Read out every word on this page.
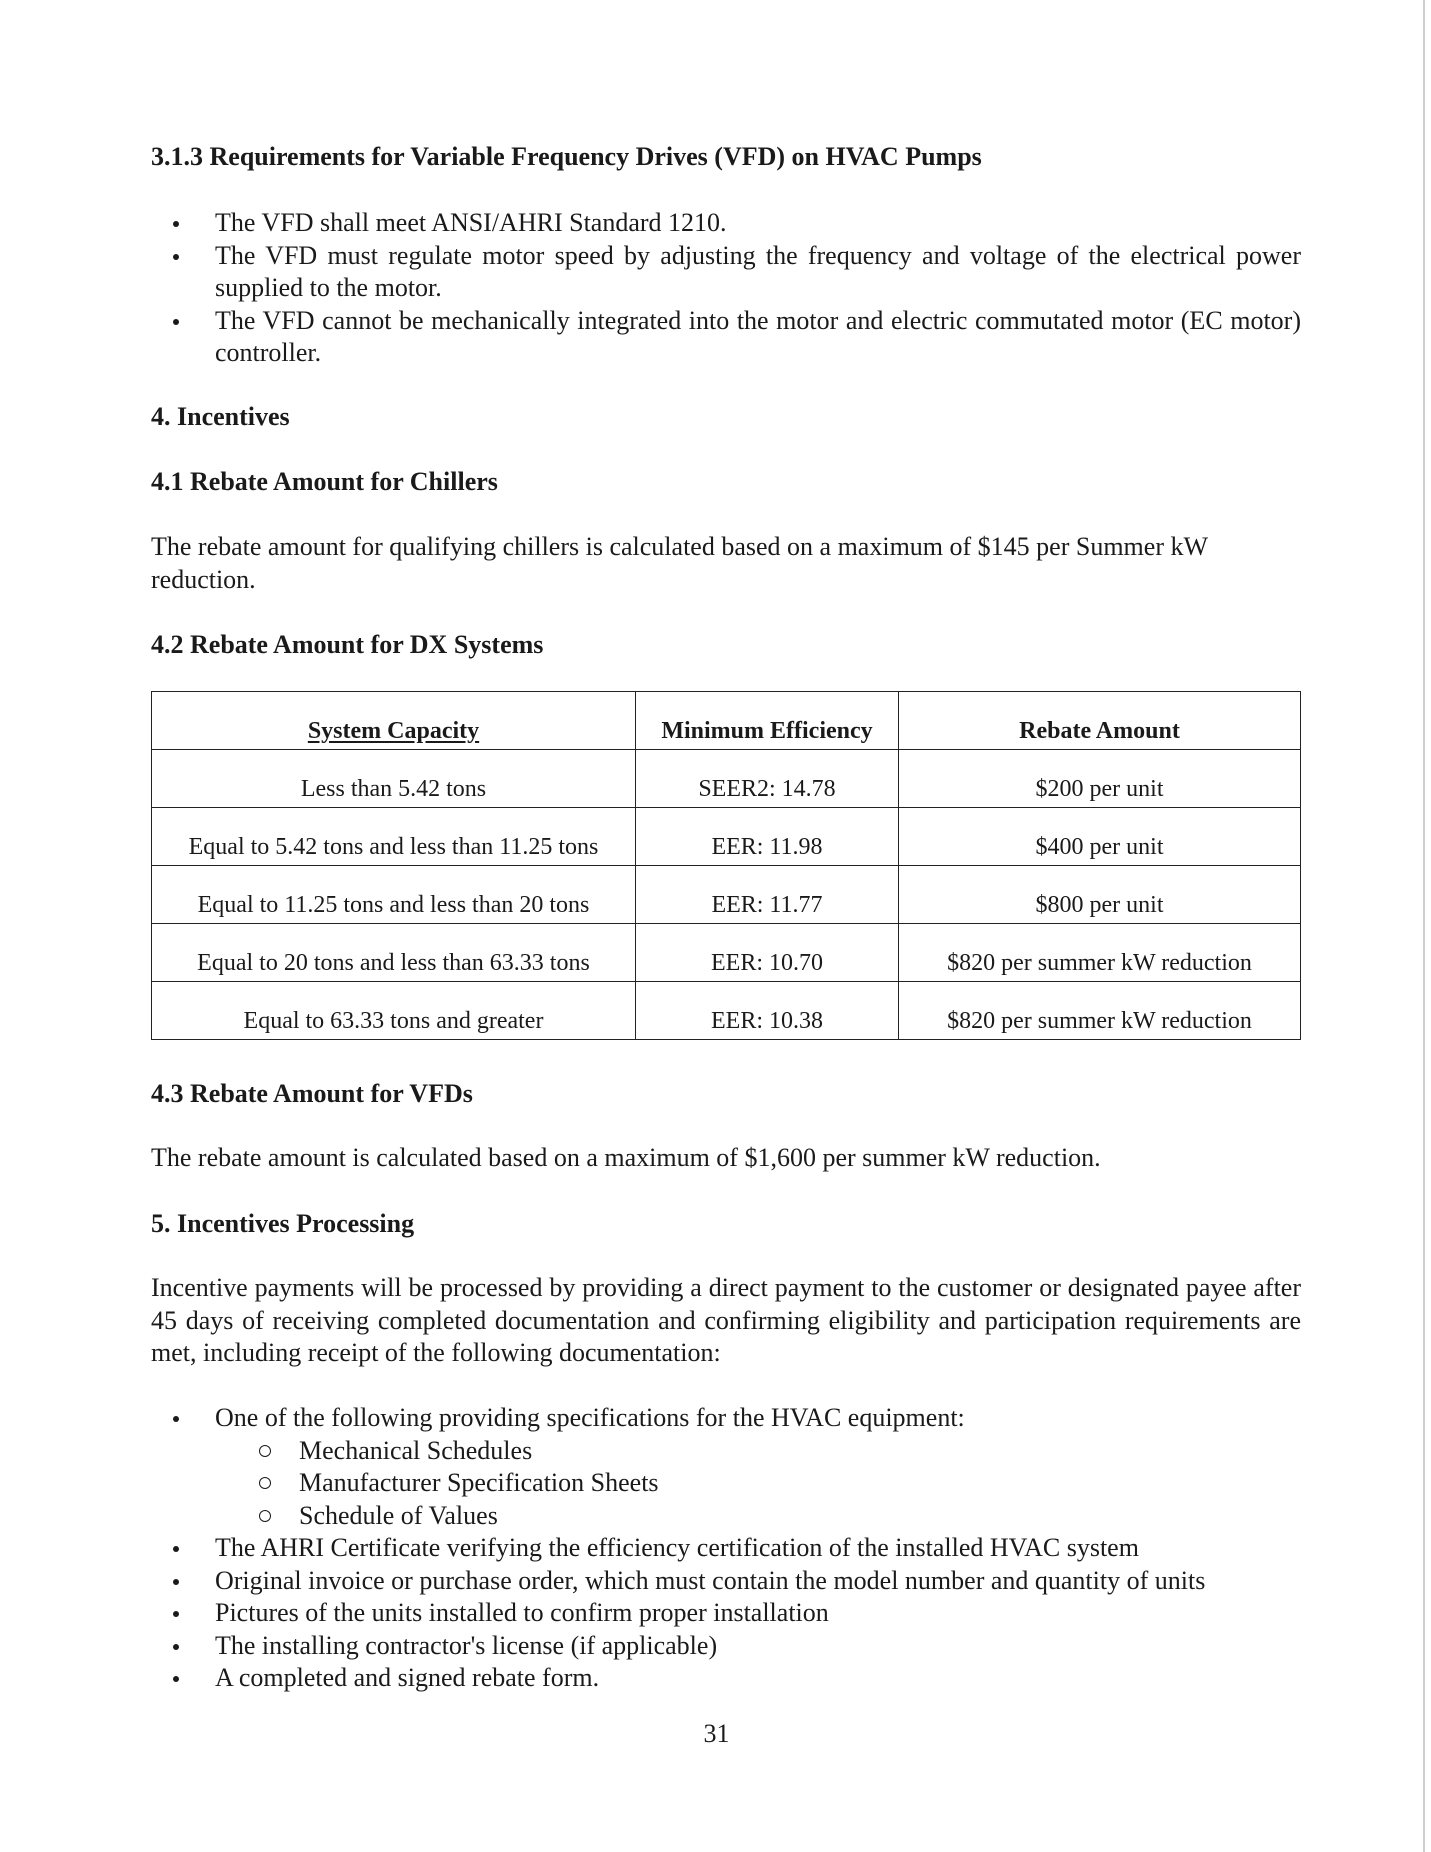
3.1.3 Requirements for Variable Frequency Drives (VFD) on HVAC Pumps
The VFD shall meet ANSI/AHRI Standard 1210.
The VFD must regulate motor speed by adjusting the frequency and voltage of the electrical power supplied to the motor.
The VFD cannot be mechanically integrated into the motor and electric commutated motor (EC motor) controller.
4. Incentives
4.1 Rebate Amount for Chillers
The rebate amount for qualifying chillers is calculated based on a maximum of $145 per Summer kW reduction.
4.2 Rebate Amount for DX Systems
System Capacity	Minimum Efficiency	Rebate Amount
Less than 5.42 tons	SEER2: 14.78	$200 per unit
Equal to 5.42 tons and less than 11.25 tons	EER: 11.98	$400 per unit
Equal to 11.25 tons and less than 20 tons	EER: 11.77	$800 per unit
Equal to 20 tons and less than 63.33 tons	EER: 10.70	$820 per summer kW reduction
Equal to 63.33 tons and greater	EER: 10.38	$820 per summer kW reduction
4.3 Rebate Amount for VFDs
The rebate amount is calculated based on a maximum of $1,600 per summer kW reduction.
5. Incentives Processing
Incentive payments will be processed by providing a direct payment to the customer or designated payee after 45 days of receiving completed documentation and confirming eligibility and participation requirements are met, including receipt of the following documentation:
One of the following providing specifications for the HVAC equipment:
Mechanical Schedules
Manufacturer Specification Sheets
Schedule of Values
The AHRI Certificate verifying the efficiency certification of the installed HVAC system
Original invoice or purchase order, which must contain the model number and quantity of units
Pictures of the units installed to confirm proper installation
The installing contractor's license (if applicable)
A completed and signed rebate form.
31
